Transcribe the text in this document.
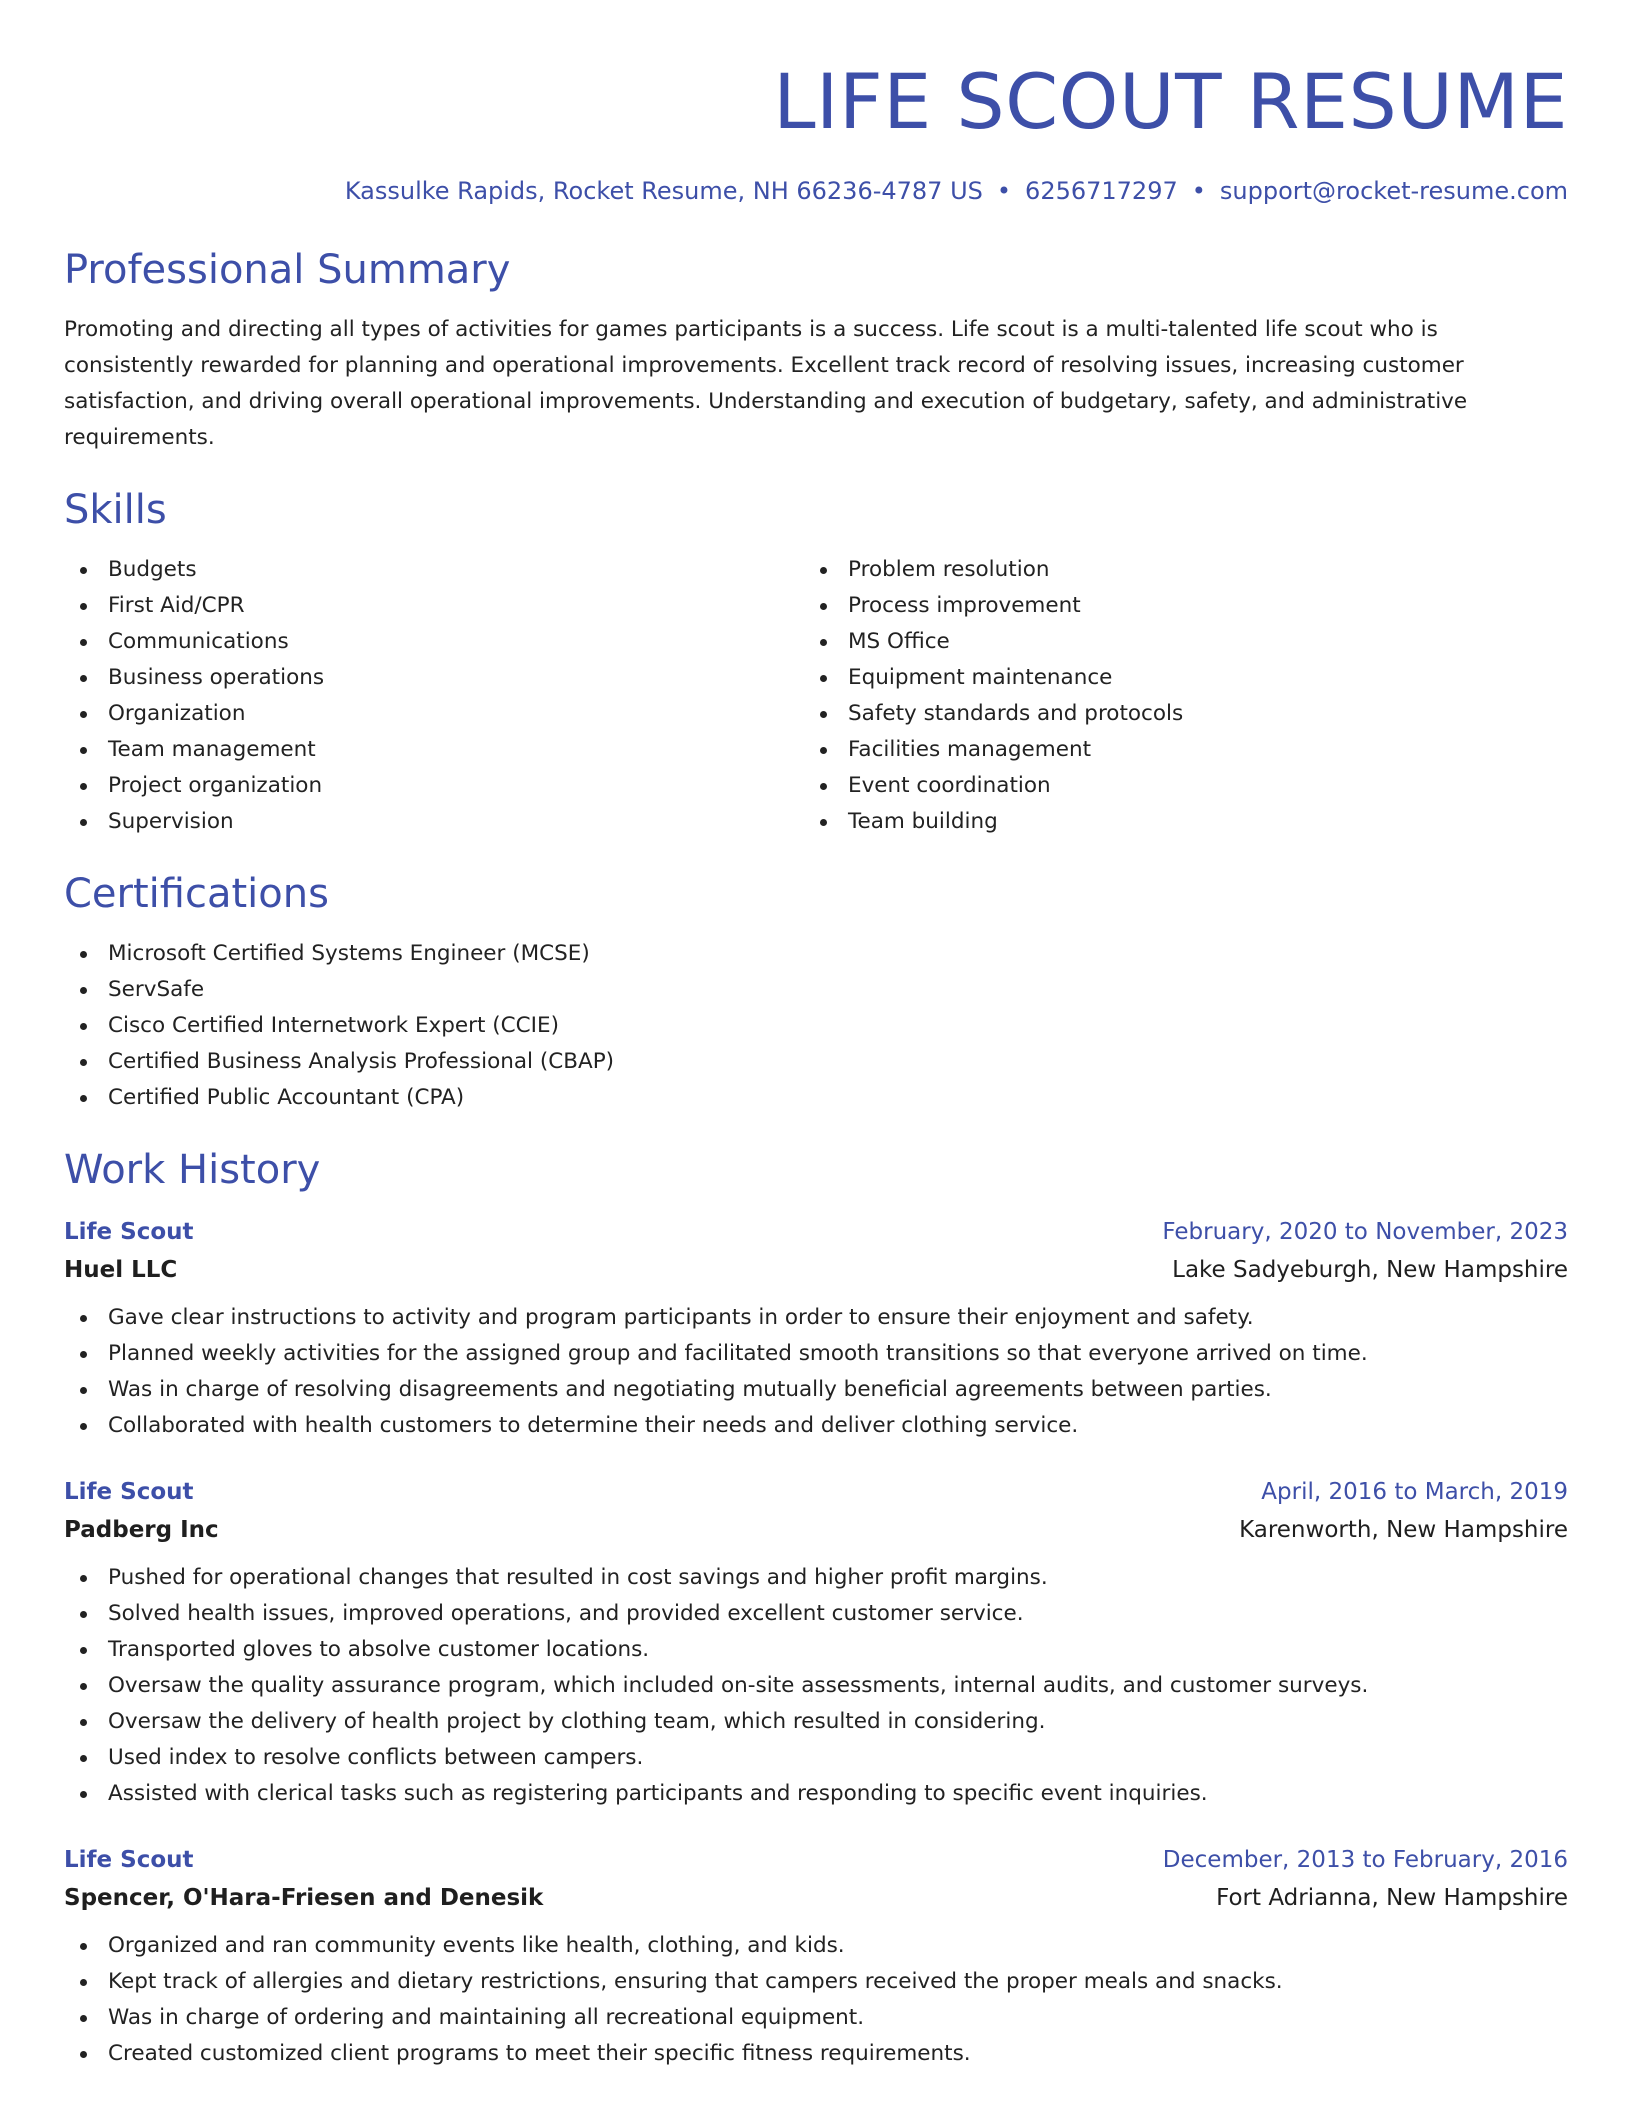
LIFE SCOUT RESUME
Kassulke Rapids, Rocket Resume, NH 66236-4787 US • 6256717297 • support@rocket-resume.com
Professional Summary

Promoting and directing all types of activities for games participants is a success. Life scout is a multi-talented life scout who is consistently rewarded for planning and operational improvements. Excellent track record of resolving issues, increasing customer satisfaction, and driving overall operational improvements. Understanding and execution of budgetary, safety, and administrative requirements.

Skills
Budgets
First Aid/CPR
Communications
Business operations
Organization
Team management
Project organization
Supervision
Problem resolution
Process improvement
MS Office
Equipment maintenance
Safety standards and protocols
Facilities management
Event coordination
Team building
Certifications
Microsoft Certified Systems Engineer (MCSE)
ServSafe
Cisco Certified Internetwork Expert (CCIE)
Certified Business Analysis Professional (CBAP)
Certified Public Accountant (CPA)
Work History
Life Scout	February, 2020 to November, 2023
Huel LLC	Lake Sadyeburgh, New Hampshire
Gave clear instructions to activity and program participants in order to ensure their enjoyment and safety.
Planned weekly activities for the assigned group and facilitated smooth transitions so that everyone arrived on time.
Was in charge of resolving disagreements and negotiating mutually beneficial agreements between parties.
Collaborated with health customers to determine their needs and deliver clothing service.
Life Scout	April, 2016 to March, 2019
Padberg Inc	Karenworth, New Hampshire
Pushed for operational changes that resulted in cost savings and higher profit margins.
Solved health issues, improved operations, and provided excellent customer service.
Transported gloves to absolve customer locations.
Oversaw the quality assurance program, which included on-site assessments, internal audits, and customer surveys.
Oversaw the delivery of health project by clothing team, which resulted in considering.
Used index to resolve conflicts between campers.
Assisted with clerical tasks such as registering participants and responding to specific event inquiries.
Life Scout	December, 2013 to February, 2016
Spencer, O'Hara-Friesen and Denesik	Fort Adrianna, New Hampshire
Organized and ran community events like health, clothing, and kids.
Kept track of allergies and dietary restrictions, ensuring that campers received the proper meals and snacks.
Was in charge of ordering and maintaining all recreational equipment.
Created customized client programs to meet their specific fitness requirements.
